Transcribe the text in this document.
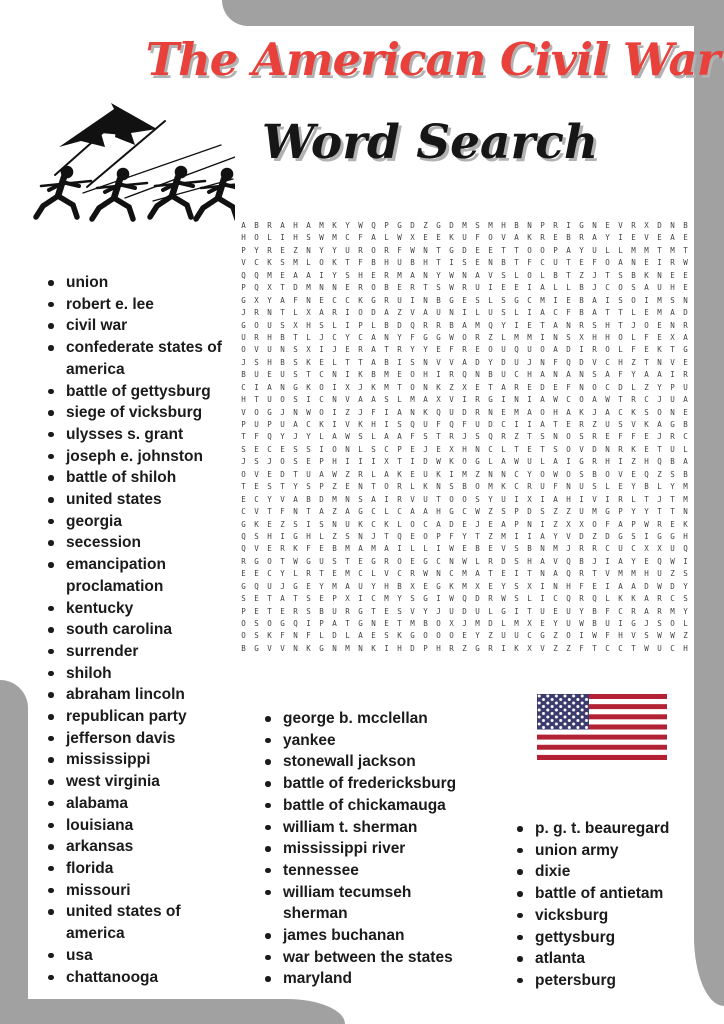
The American Civil War
Word Search
A	B	R	A	H	A	M	K	Y	W	Q	P	G	D	Z	G	D	M	S	M	H	B	N	P	R	I	G	N	E	V	R	X	D	N	B
H	O	L	I	H	S	W	M	C	F	A	L	W	X	E	E	K	U	F	O	V	A	K	R	E	B	R	A	Y	I	E	V	E	A	E
P	Y	R	E	Z	N	Y	Y	U	R	O	R	F	W	N	T	G	D	E	E	T	T	O	O	P	A	Y	U	L	L	M	M	T	M	T
V	C	K	S	M	L	O	K	T	F	B	H	U	B	H	T	I	S	E	N	B	T	F	C	U	T	E	F	O	A	N	E	I	R	W
Q	Q	M	E	A	A	I	Y	S	H	E	R	M	A	N	Y	W	N	A	V	S	L	O	L	B	T	Z	J	T	S	B	K	N	E	E
P	Q	X	T	D	M	N	N	E	R	O	B	E	R	T	S	W	R	U	I	E	E	I	A	L	L	B	J	C	O	S	A	U	H	E
G	X	Y	A	F	N	E	C	C	K	G	R	U	I	N	B	G	E	S	L	S	G	C	M	I	E	B	A	I	S	O	I	M	S	N
J	R	N	T	L	X	A	R	I	O	D	A	Z	V	A	U	N	I	L	U	S	L	I	A	C	F	B	A	T	T	L	E	M	A	D
G	O	U	S	X	H	S	L	I	P	L	B	D	Q	R	R	B	A	M	Q	Y	I	E	T	A	N	R	S	H	T	J	O	E	N	R
U	R	H	B	T	L	J	C	Y	C	A	N	Y	F	G	G	W	O	R	Z	L	M	M	I	N	S	X	H	H	O	L	F	E	X	A
O	V	U	N	S	X	I	J	E	R	A	T	R	Y	Y	E	F	R	E	O	U	Q	U	O	A	D	I	R	O	L	F	E	K	T	G
J	S	H	B	S	K	E	L	T	T	A	B	I	S	N	V	V	A	D	Y	D	U	J	N	F	Q	D	V	C	H	Z	T	N	V	E
B	U	E	U	S	T	C	N	I	K	B	M	E	O	H	I	R	Q	N	B	U	C	H	A	N	A	N	S	A	F	Y	A	A	I	R
C	I	A	N	G	K	O	I	X	J	K	M	T	O	N	K	Z	X	E	T	A	R	E	D	E	F	N	O	C	D	L	Z	Y	P	U
H	T	U	O	S	I	C	N	V	A	A	S	L	M	A	X	V	I	R	G	I	N	I	A	W	C	O	A	W	T	R	C	J	U	A
V	O	G	J	N	W	O	I	Z	J	F	I	A	N	K	Q	U	D	R	N	E	M	A	O	H	A	K	J	A	C	K	S	O	N	E
P	U	P	U	A	C	K	I	V	K	H	I	S	Q	U	F	Q	F	U	D	C	I	I	A	T	E	R	Z	U	S	V	K	A	G	B
T	F	Q	Y	J	Y	L	A	W	S	L	A	A	F	S	T	R	J	S	Q	R	Z	T	S	N	O	S	R	E	F	F	E	J	R	C
S	E	C	E	S	S	I	O	N	L	S	C	P	E	J	E	X	H	N	C	L	T	E	T	S	O	V	D	N	R	K	E	T	U	L
J	S	J	O	S	E	P	H	I	I	I	X	T	I	D	W	K	O	G	L	A	W	U	L	A	I	G	R	H	I	Z	H	Q	B	A
O	V	E	D	T	U	A	W	Z	R	L	A	K	E	U	K	I	M	Z	N	N	C	Y	O	W	O	S	B	O	V	E	Q	Z	S	B
T	E	S	T	Y	S	P	Z	E	N	T	O	R	L	K	N	S	B	O	M	K	C	R	U	F	N	U	S	L	E	Y	B	L	Y	M
E	C	Y	V	A	B	D	M	N	S	A	I	R	V	U	T	O	O	S	Y	U	I	X	I	A	H	I	V	I	R	L	T	J	T	M
C	V	T	F	N	T	A	Z	A	G	C	L	C	A	A	H	G	C	W	Z	S	P	D	S	Z	Z	U	M	G	P	Y	Y	T	T	N
G	K	E	Z	S	I	S	N	U	K	C	K	L	O	C	A	D	E	J	E	A	P	N	I	Z	X	X	O	F	A	P	W	R	E	K
Q	S	H	I	G	H	L	Z	S	N	J	T	Q	E	O	P	F	Y	T	Z	M	I	I	A	Y	V	D	Z	D	G	S	I	G	G	H
Q	V	E	R	K	F	E	B	M	A	M	A	I	L	L	I	W	E	B	E	V	S	B	N	M	J	R	R	C	U	C	X	X	U	Q
R	G	O	T	W	G	U	S	T	E	G	R	O	E	G	C	N	W	L	R	D	S	H	A	V	Q	B	J	I	A	Y	E	Q	W	I
E	E	C	Y	L	R	T	E	M	C	L	V	C	R	W	N	C	M	A	T	E	I	T	N	A	Q	R	T	V	M	M	H	U	Z	S
G	Q	U	J	G	E	Y	M	A	U	Y	H	B	X	E	G	K	M	X	E	Y	S	X	I	N	H	F	E	I	A	A	D	W	D	Y
S	E	T	A	T	S	E	P	X	I	C	M	Y	S	G	I	W	Q	D	R	W	S	L	I	C	Q	R	Q	L	K	K	A	R	C	S
P	E	T	E	R	S	B	U	R	G	T	E	S	V	Y	J	U	D	U	L	G	I	T	U	E	U	Y	B	F	C	R	A	R	M	Y
O	S	O	G	Q	I	P	A	T	G	N	E	T	M	B	O	X	J	M	D	L	M	X	E	Y	U	W	B	U	I	G	J	S	O	L
O	S	K	F	N	F	L	D	L	A	E	S	K	G	O	O	O	E	Y	Z	U	U	C	G	Z	O	I	W	F	H	V	S	W	W	Z
B	G	V	V	N	K	G	N	M	N	K	I	H	D	P	H	R	Z	G	R	I	K	X	V	Z	Z	F	T	C	C	T	W	U	C	H
union
robert e. lee
civil war
confederate states of america
battle of gettysburg
siege of vicksburg
ulysses s. grant
joseph e. johnston
battle of shiloh
united states
georgia
secession
emancipation proclamation
kentucky
south carolina
surrender
shiloh
abraham lincoln
republican party
jefferson davis
mississippi
west virginia
alabama
louisiana
arkansas
florida
missouri
united states of america
usa
chattanooga
george b. mcclellan
yankee
stonewall jackson
battle of fredericksburg
battle of chickamauga
william t. sherman
mississippi river
tennessee
william tecumseh sherman
james buchanan
war between the states
maryland
p. g. t. beauregard
union army
dixie
battle of antietam
vicksburg
gettysburg
atlanta
petersburg
